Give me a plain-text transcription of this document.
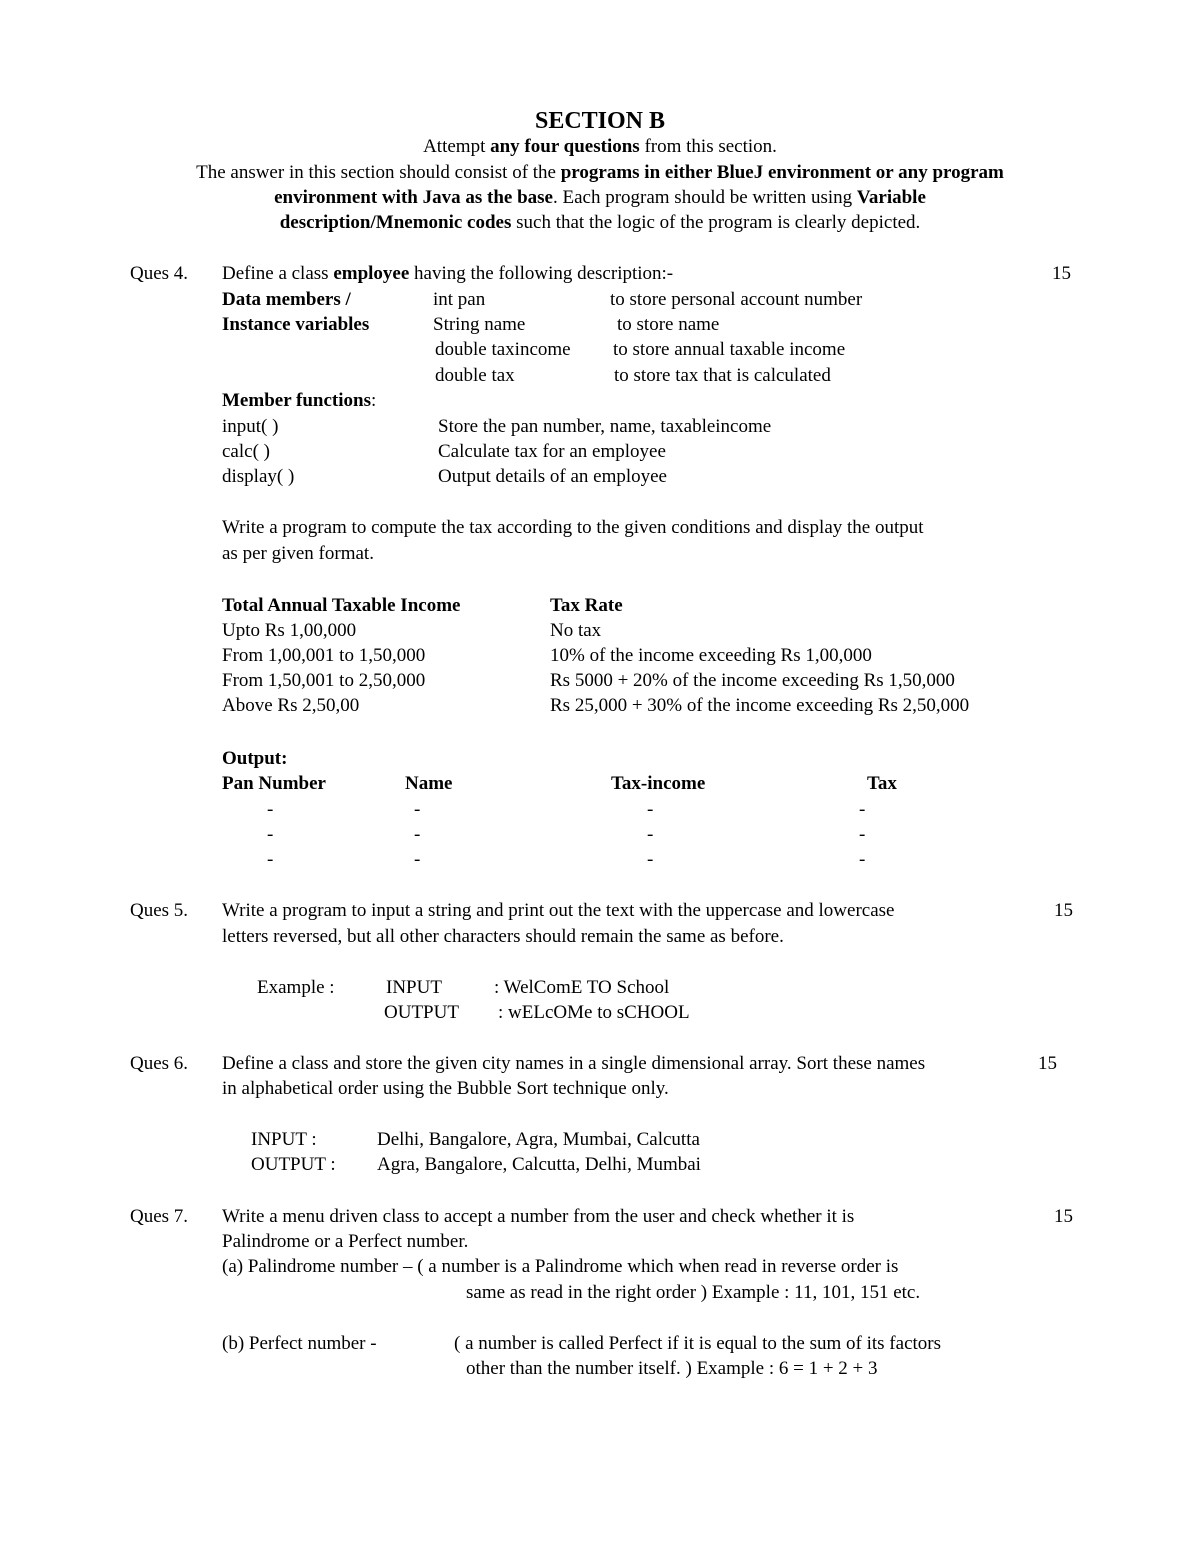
SECTION B
Attempt any four questions from this section.
The answer in this section should consist of the programs in either BlueJ environment or any program
environment with Java as the base. Each program should be written using Variable
description/Mnemonic codes such that the logic of the program is clearly depicted.
Ques 4.	15
Define a class employee having the following description:-
Data members /
Instance variables
int pan	to store personal account number
String name	to store name
double taxincome to store annual taxable income
double tax	to store tax that is calculated
Member functions:
input( )	Store the pan number, name, taxableincome
calc( )	Calculate tax for an employee
display( )	Output details of an employee
Write a program to compute the tax according to the given conditions and display the output
as per given format.
Total Annual Taxable Income	Tax Rate
Upto Rs 1,00,000	No tax
From 1,00,001 to 1,50,000	10% of the income exceeding Rs 1,00,000
From 1,50,001 to 2,50,000	Rs 5000 + 20% of the income exceeding Rs 1,50,000
Above Rs 2,50,00	Rs 25,000 + 30% of the income exceeding Rs 2,50,000
Output:
Pan Number	Name	Tax-income	Tax
-	-	-	-
-	-	-	-
-	-	-	-
Ques 5.	15
Write a program to input a string and print out the text with the uppercase and lowercase
letters reversed, but all other characters should remain the same as before.
Example :	INPUT	: WelComE TO School
OUTPUT : wELcOMe to sCHOOL
Ques 6.	15
Define a class and store the given city names in a single dimensional array. Sort these names
in alphabetical order using the Bubble Sort technique only.
INPUT :	Delhi, Bangalore, Agra, Mumbai, Calcutta
OUTPUT : Agra, Bangalore, Calcutta, Delhi, Mumbai
Ques 7.	15
Write a menu driven class to accept a number from the user and check whether it is
Palindrome or a Perfect number.
(a) Palindrome number – ( a number is a Palindrome which when read in reverse order is
same as read in the right order ) Example : 11, 101, 151 etc.
(b) Perfect number -	( a number is called Perfect if it is equal to the sum of its factors
other than the number itself. ) Example : 6 = 1 + 2 + 3
